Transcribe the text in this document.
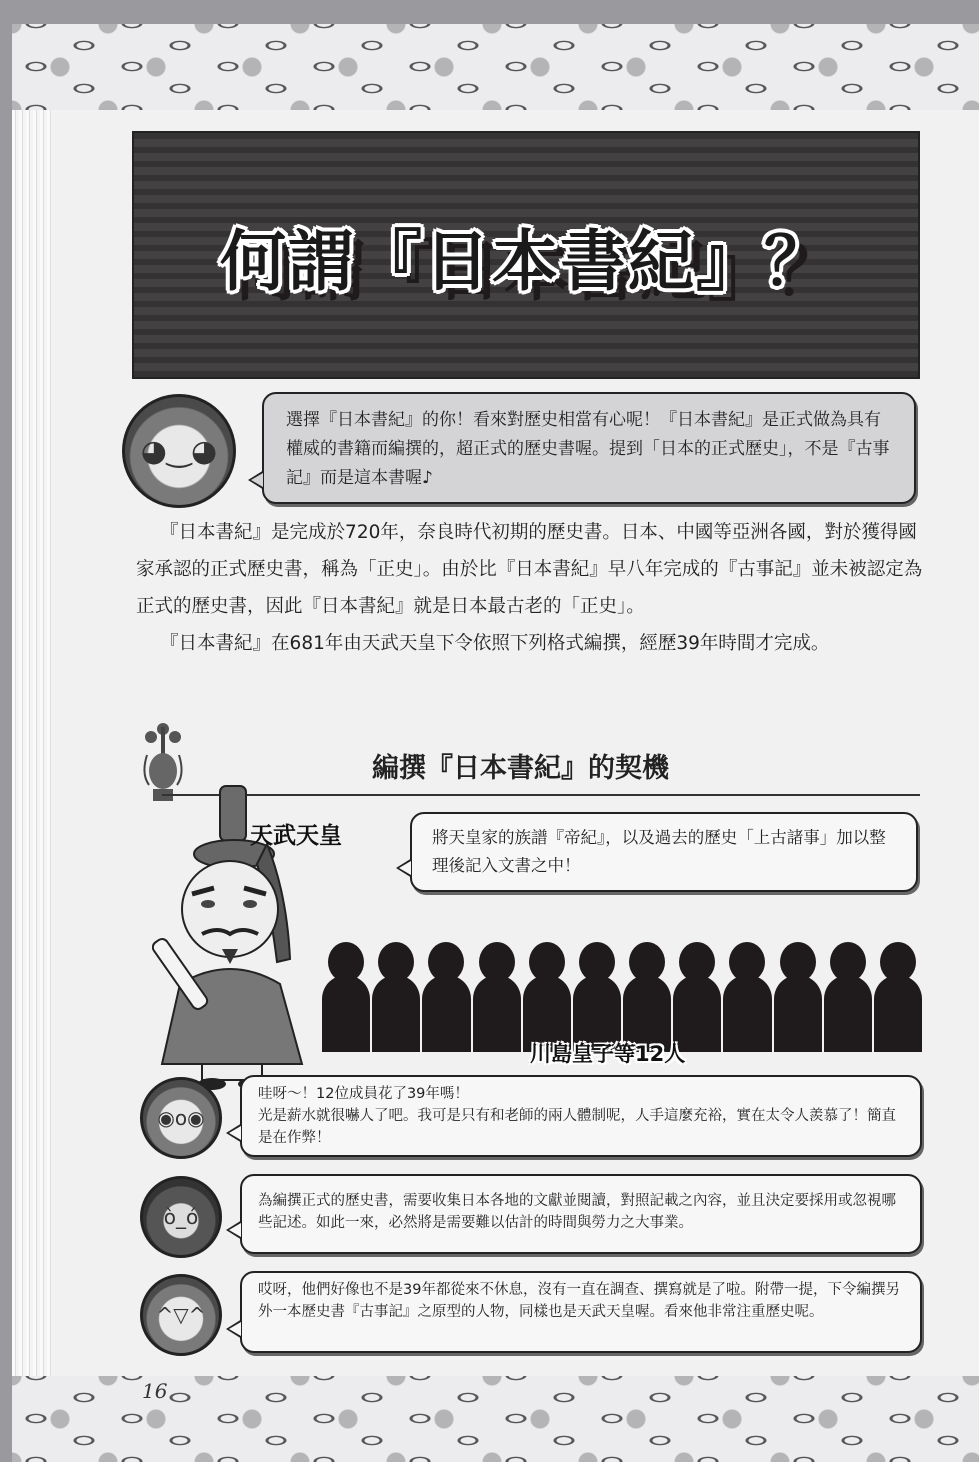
何謂『日本書紀』？
◕‿◕
選擇『日本書紀』的你！看來對歷史相當有心呢！『日本書紀』是正式做為具有權威的書籍而編撰的，超正式的歷史書喔。提到「日本的正式歷史」，不是『古事記』而是這本書喔♪

『日本書紀』是完成於720年，奈良時代初期的歷史書。日本、中國等亞洲各國，對於獲得國家承認的正式歷史書，稱為「正史」。由於比『日本書紀』早八年完成的『古事記』並未被認定為正式的歷史書，因此『日本書紀』就是日本最古老的「正史」。

『日本書紀』在681年由天武天皇下令依照下列格式編撰，經歷39年時間才完成。

編撰『日本書紀』的契機
天武天皇	將天皇家的族譜『帝紀』，以及過去的歷史「上古諸事」加以整理後記入文書之中！
川島皇子等12人
◉o◉
哇呀～！12位成員花了39年嗎！
光是薪水就很嚇人了吧。我可是只有和老師的兩人體制呢，人手這麼充裕，實在太令人羨慕了！簡直是在作弊！
ò_ó
為編撰正式的歷史書，需要收集日本各地的文獻並閱讀，對照記載之內容，並且決定要採用或忽視哪些記述。如此一來，必然將是需要難以估計的時間與勞力之大事業。
^▽^
哎呀，他們好像也不是39年都從來不休息，沒有一直在調查、撰寫就是了啦。附帶一提，下令編撰另外一本歷史書『古事記』之原型的人物，同樣也是天武天皇喔。看來他非常注重歷史呢。
16
